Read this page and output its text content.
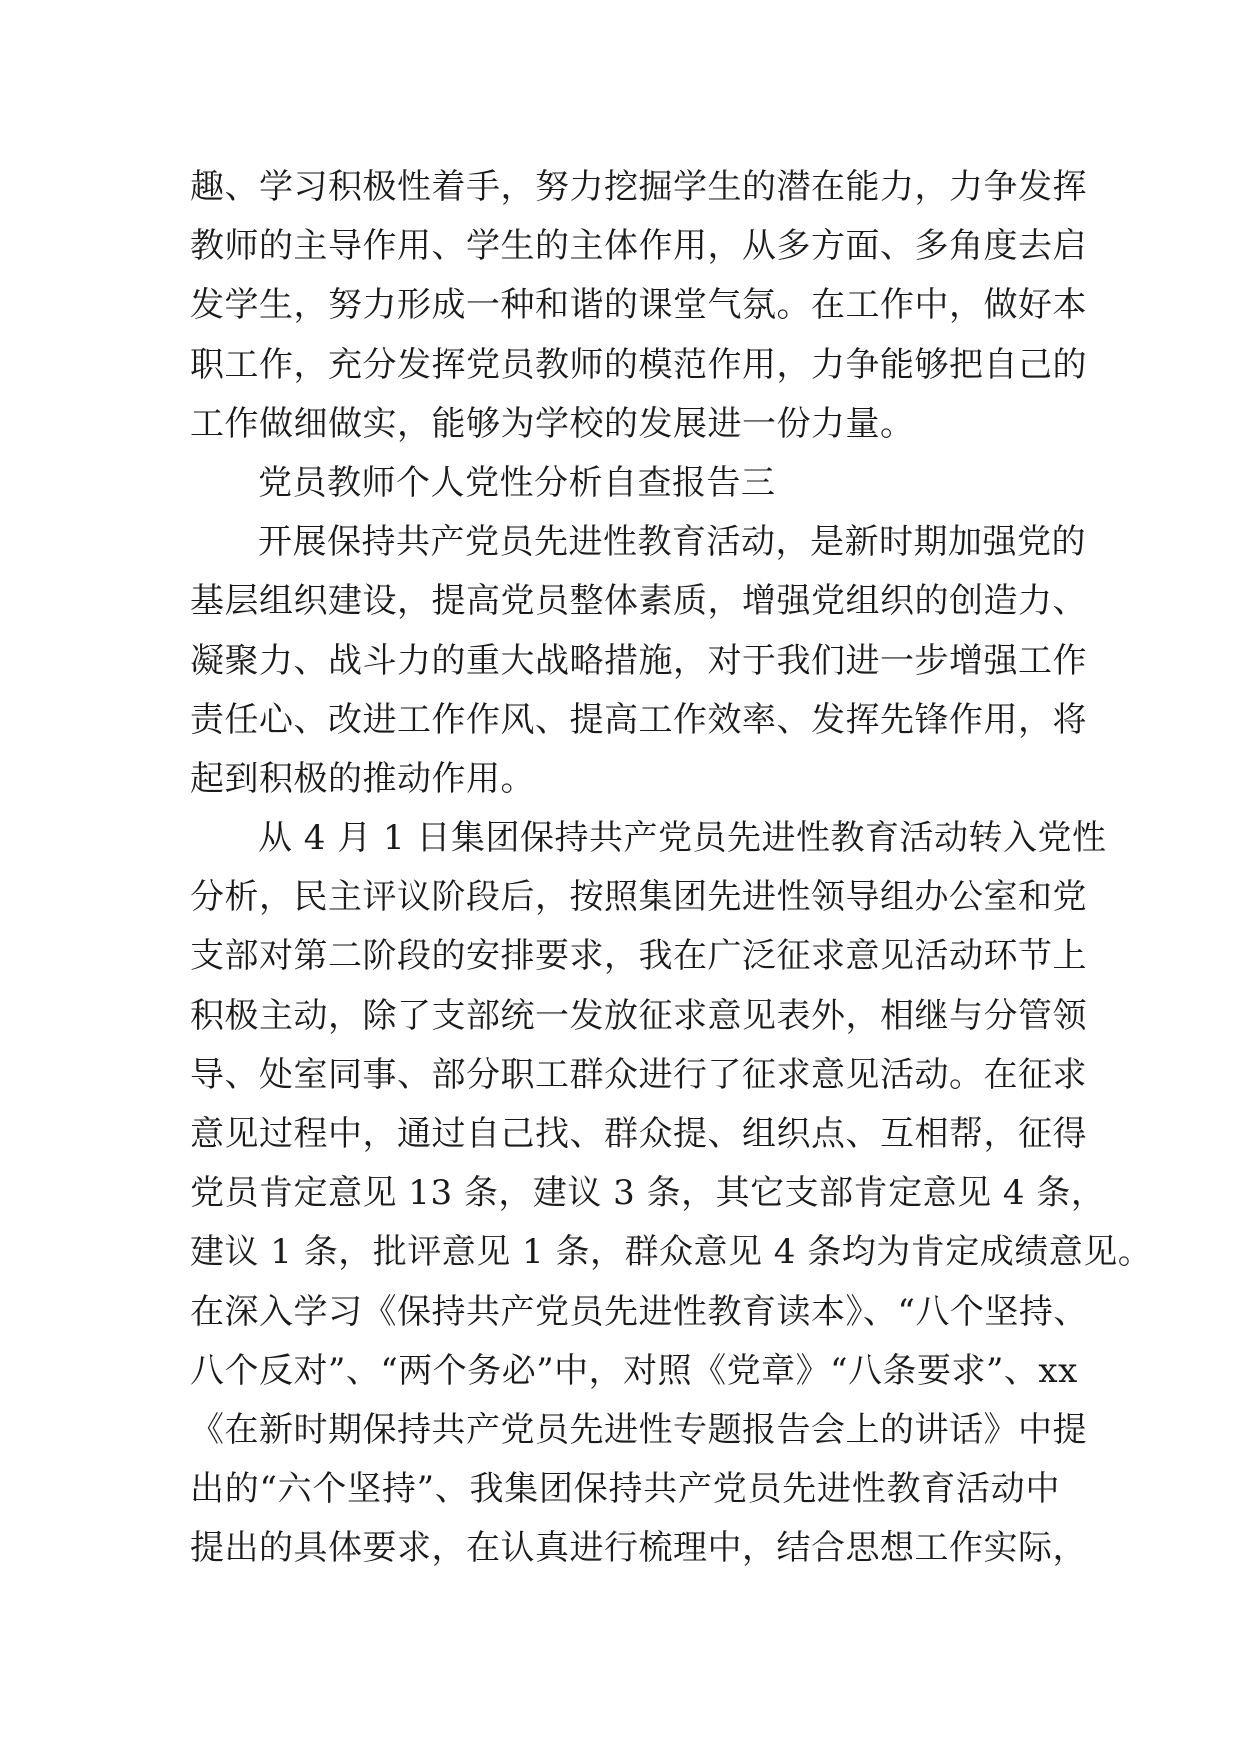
趣、学习积极性着手，努力挖掘学生的潜在能力，力争发挥
教师的主导作用、学生的主体作用，从多方面、多角度去启
发学生，努力形成一种和谐的课堂气氛。在工作中，做好本
职工作，充分发挥党员教师的模范作用，力争能够把自己的
工作做细做实，能够为学校的发展进一份力量。
党员教师个人党性分析自查报告三
开展保持共产党员先进性教育活动，是新时期加强党的
基层组织建设，提高党员整体素质，增强党组织的创造力、
凝聚力、战斗力的重大战略措施，对于我们进一步增强工作
责任心、改进工作作风、提高工作效率、发挥先锋作用，将
起到积极的推动作用。
从 4 月 1 日集团保持共产党员先进性教育活动转入党性
分析，民主评议阶段后，按照集团先进性领导组办公室和党
支部对第二阶段的安排要求，我在广泛征求意见活动环节上
积极主动，除了支部统一发放征求意见表外，相继与分管领
导、处室同事、部分职工群众进行了征求意见活动。在征求
意见过程中，通过自己找、群众提、组织点、互相帮，征得
党员肯定意见 13 条，建议 3 条，其它支部肯定意见 4 条，
建议 1 条，批评意见 1 条，群众意见 4 条均为肯定成绩意见。
在深入学习《保持共产党员先进性教育读本》、“八个坚持、
八个反对”、“两个务必”中，对照《党章》“八条要求”、xx
《在新时期保持共产党员先进性专题报告会上的讲话》中提
出的“六个坚持”、我集团保持共产党员先进性教育活动中
提出的具体要求，在认真进行梳理中，结合思想工作实际，
